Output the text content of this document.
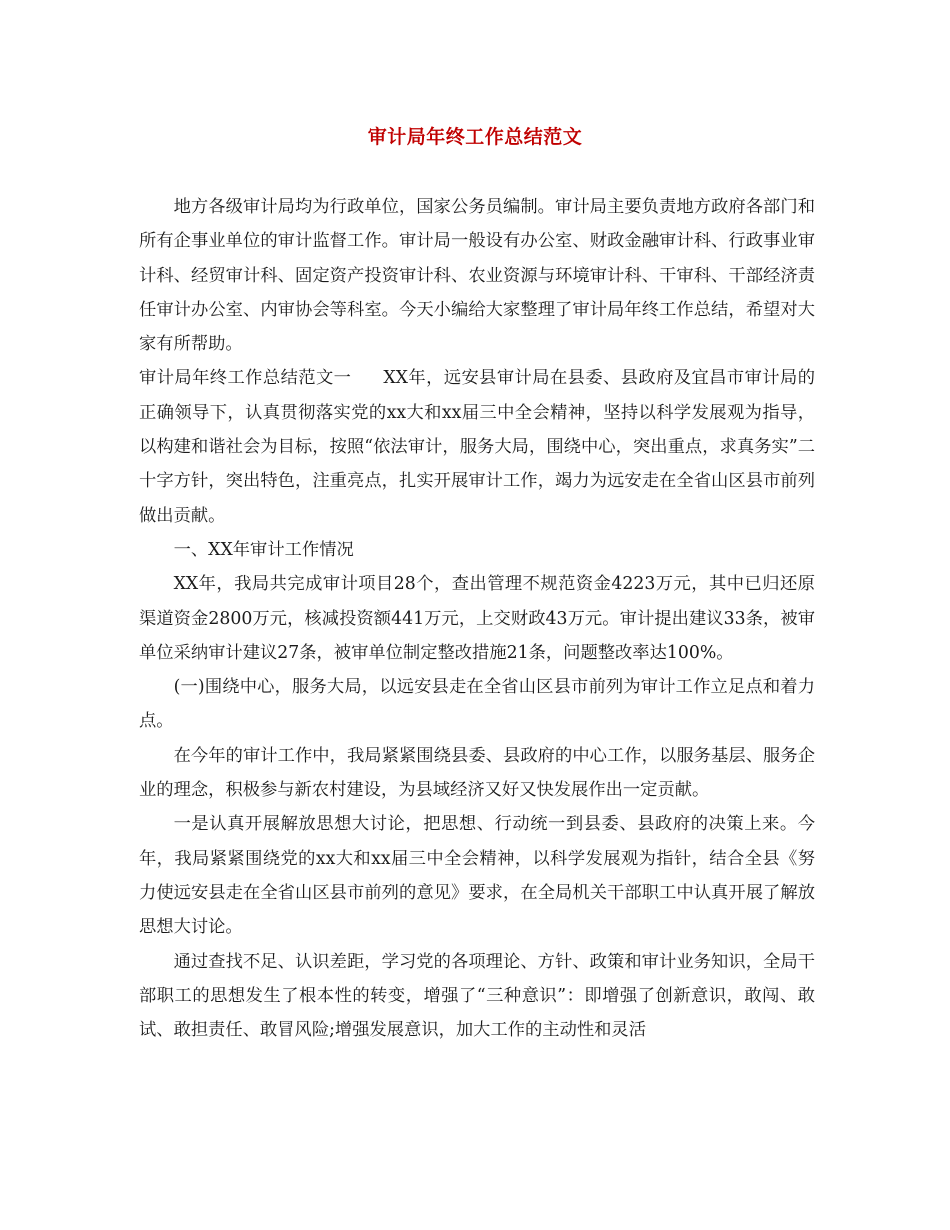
审计局年终工作总结范文

地方各级审计局均为行政单位，国家公务员编制。审计局主要负责地方政府各部门和所有企事业单位的审计监督工作。审计局一般设有办公室、财政金融审计科、行政事业审计科、经贸审计科、固定资产投资审计科、农业资源与环境审计科、干审科、干部经济责任审计办公室、内审协会等科室。今天小编给大家整理了审计局年终工作总结，希望对大家有所帮助。

审计局年终工作总结范文一 XX年，远安县审计局在县委、县政府及宜昌市审计局的正确领导下，认真贯彻落实党的xx大和xx届三中全会精神，坚持以科学发展观为指导，以构建和谐社会为目标，按照“依法审计，服务大局，围绕中心，突出重点，求真务实”二十字方针，突出特色，注重亮点，扎实开展审计工作，竭力为远安走在全省山区县市前列做出贡献。

一、XX年审计工作情况

XX年，我局共完成审计项目28个，查出管理不规范资金4223万元，其中已归还原渠道资金2800万元，核减投资额441万元，上交财政43万元。审计提出建议33条，被审单位采纳审计建议27条，被审单位制定整改措施21条，问题整改率达100%。

(一)围绕中心，服务大局，以远安县走在全省山区县市前列为审计工作立足点和着力点。

在今年的审计工作中，我局紧紧围绕县委、县政府的中心工作，以服务基层、服务企业的理念，积极参与新农村建设，为县域经济又好又快发展作出一定贡献。

一是认真开展解放思想大讨论，把思想、行动统一到县委、县政府的决策上来。今年，我局紧紧围绕党的xx大和xx届三中全会精神，以科学发展观为指针，结合全县《努力使远安县走在全省山区县市前列的意见》要求，在全局机关干部职工中认真开展了解放思想大讨论。

通过查找不足、认识差距，学习党的各项理论、方针、政策和审计业务知识，全局干部职工的思想发生了根本性的转变，增强了“三种意识”：即增强了创新意识，敢闯、敢试、敢担责任、敢冒风险;增强发展意识，加大工作的主动性和灵活
